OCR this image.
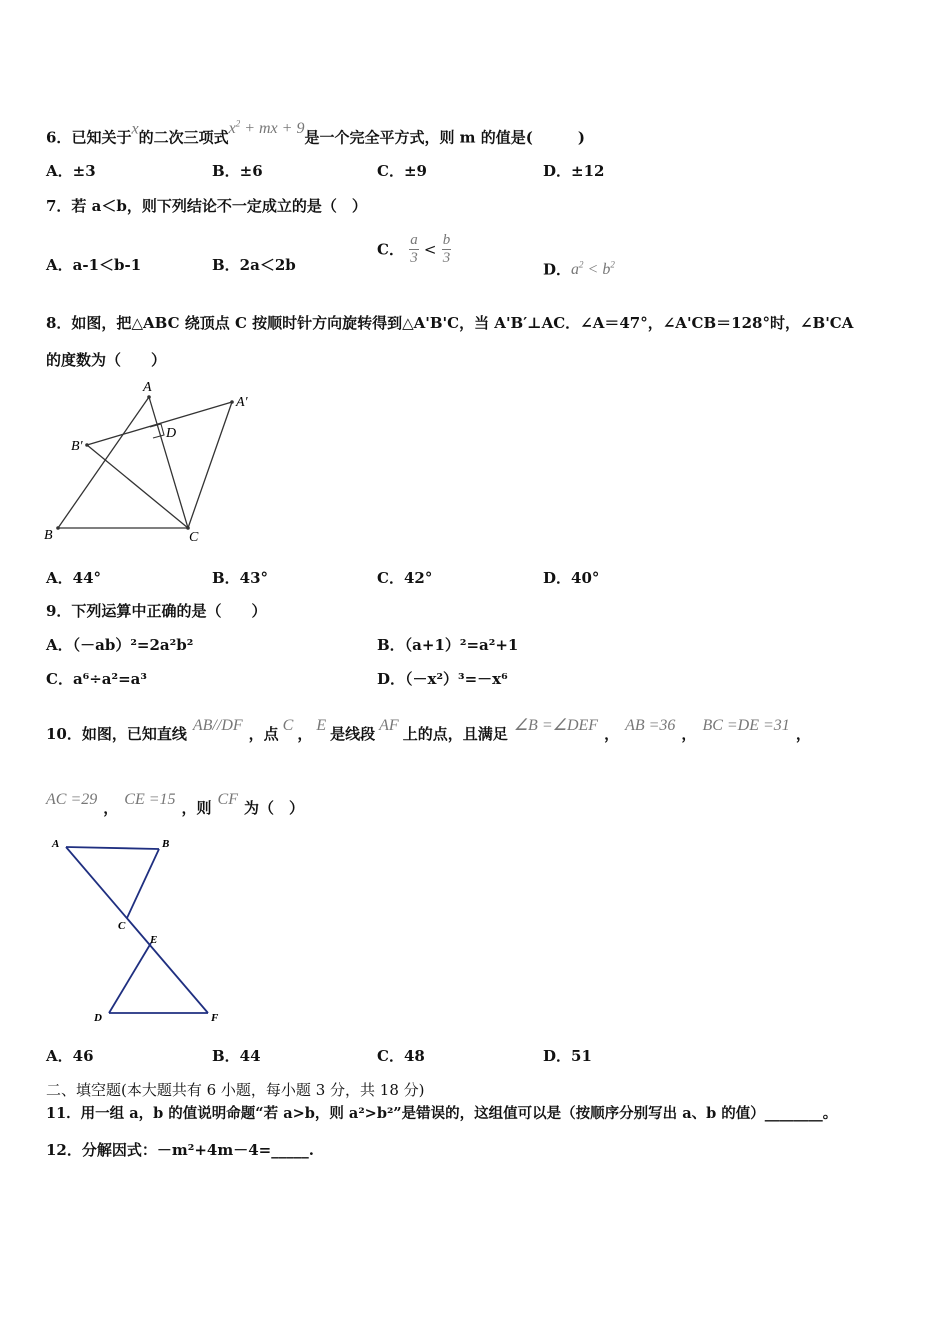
6．已知关于x的二次三项式$x^2$ + mx + 9是一个完全平方式，则 m 的值是(　　　)
A．±3	B．±6	C．±9	D．±12
7．若 a＜b，则下列结论不一定成立的是（　）
A．a-1＜b-1	B．2a＜2b
C． $\frac{a}{3} < \frac{b}{3}$
D．$a^2 < b^2$
8．如图，把△ABC 绕顶点 C 按顺时针方向旋转得到△A'B'C，当 A'B′⊥AC．∠A＝47°，∠A'CB＝128°时，∠B'CA
的度数为（　　）
A
A′
B′
D
B	C
A．44°	B．43°	C．42°	D．40°
9．下列运算中正确的是（　　）
A．（－ab）²=2a²b²	B．（a+1）²=a²+1
C．a⁶÷a²=a³	D．（－x²）³=－x⁶
10．如图，已知直线 AB//DF ，点 C ， E 是线段 AF 上的点，且满足 ∠B =∠DEF ， AB =36 ， BC =DE =31 ，
AC =29 ， CE =15 ，则 CF 为（　）
A	B
C
E
D	F
A．46	B．44	C．48	D．51
二、填空题(本大题共有 6 小题，每小题 3 分，共 18 分)
11．用一组 a，b 的值说明命题“若 a>b，则 a²>b²”是错误的，这组值可以是（按顺序分别写出 a、b 的值）________。
12．分解因式：－m²+4m－4=_____.
